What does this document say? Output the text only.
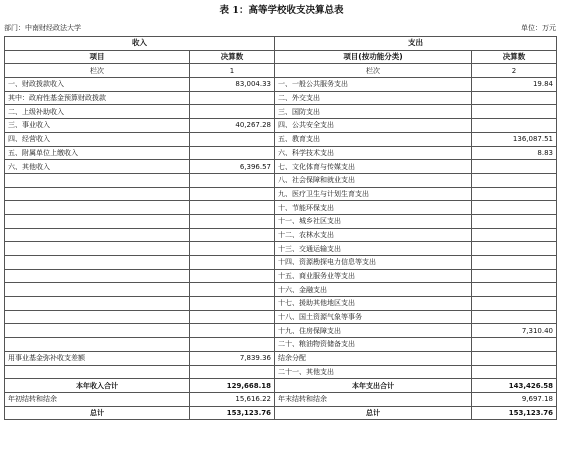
表 1：高等学校收支决算总表
部门：中南财经政法大学	单位：万元
收入		支出	
项目	决算数	项目(按功能分类)	决算数
栏次	1	栏次	2
一、财政拨款收入	83,004.33	一、一般公共服务支出	19.84
其中：政府性基金预算财政拨款		二、外交支出	
二、上级补助收入		三、国防支出	
三、事业收入	40,267.28	四、公共安全支出	
四、经营收入		五、教育支出	136,087.51
五、附属单位上缴收入		六、科学技术支出	8.83
六、其他收入	6,396.57	七、文化体育与传媒支出	
		八、社会保障和就业支出	
		九、医疗卫生与计划生育支出	
		十、节能环保支出	
		十一、城乡社区支出	
		十二、农林水支出	
		十三、交通运输支出	
		十四、资源勘探电力信息等支出	
		十五、商业服务业等支出	
		十六、金融支出	
		十七、援助其他地区支出	
		十八、国土资源气象等事务	
		十九、住房保障支出	7,310.40
		二十、粮油物资储备支出	
用事业基金弥补收支差额	7,839.36	结余分配	
		二十一、其他支出	
本年收入合计	129,668.18	本年支出合计	143,426.58
年初结转和结余	15,616.22	年末结转和结余	9,697.18
总计	153,123.76	总计	153,123.76
